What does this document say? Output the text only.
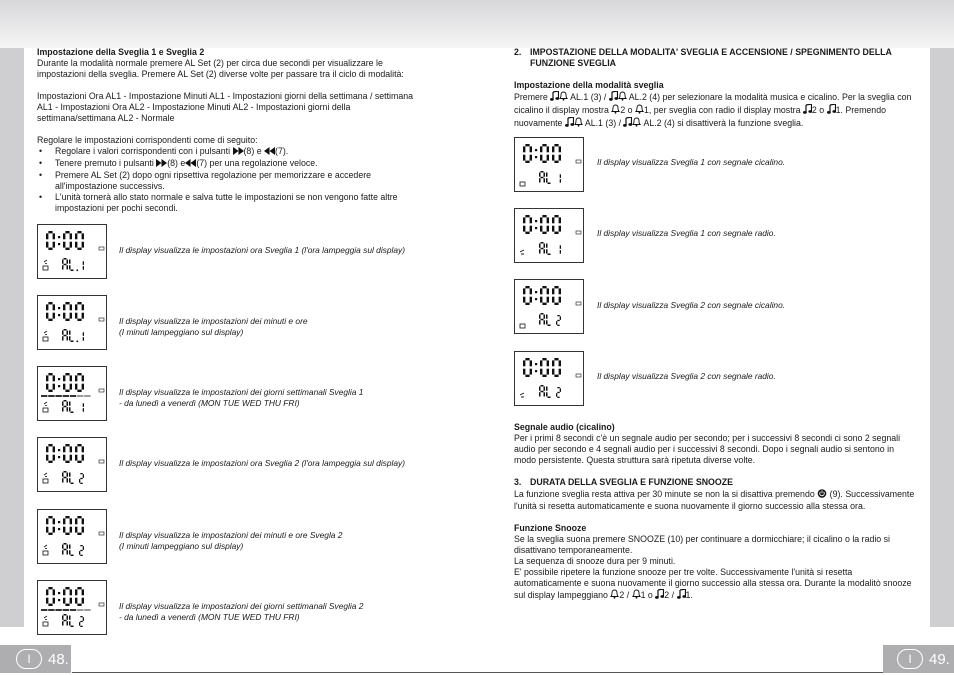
I	48.	I	49.

Impostazione della Sveglia 1 e Sveglia 2

Durante la modalità normale premere AL Set (2) per circa due secondi per visualizzare le impostazioni della sveglia. Premere AL Set (2) diverse volte per passare tra il ciclo di modalità:

Impostazioni Ora AL1 - Impostazione Minuti AL1 - Impostazioni giorni della settimana / settimana AL1 - Impostazioni Ora AL2 - Impostazione Minuti AL2 - Impostazioni giorni della settimana/settimana AL2 - Normale

Regolare le impostazioni corrispondenti come di seguito:

• Regolare i valori corrispondenti con i pulsanti (8) e (7).
• Tenere premuto i pulsanti (8) e (7) per una regolazione veloce.
• Premere AL Set (2) dopo ogni ripsettiva regolazione per memorizzare e accedere all'impostazione successivs.
• L'unità tornerà allo stato normale e salva tutte le impostazioni se non vengono fatte altre impostazioni per pochi secondi.
Il display visualizza le impostazioni ora Sveglia 1 (l'ora lampeggia sul display)
Il display visualizza le impostazioni dei minuti e ore
(I minuti lampeggiano sul display)
Il display visualizza le impostazioni dei giorni settimanali Sveglia 1
- da lunedì a venerdì (MON TUE WED THU FRI)
Il display visualizza le impostazioni ora Sveglia 2 (l'ora lampeggia sul display)
Il display visualizza le impostazioni dei minuti e ore Svegla 2
(I minuti lampeggiano sul display)
Il display visualizza le impostazioni dei giorni settimanali Sveglia 2
- da lunedì a venerdì (MON TUE WED THU FRI)
2. IMPOSTAZIONE DELLA MODALITA' SVEGLIA E ACCENSIONE / SPEGNIMENTO DELLA FUNZIONE SVEGLIA

Impostazione della modalità sveglia

Premere	AL.1 (3) /	AL.2 (4) per selezionare la modalità musica e cicalino. Per la sveglia con cicalino il display mostra 2 o 1, per sveglia con radio il display mostra 2 o 1. Premendo nuovamente	AL.1 (3) /	AL.2 (4) si disattiverà la funzione sveglia.

Il display visualizza Sveglia 1 con segnale cicalino.
Il display visualizza Sveglia 1 con segnale radio.
Il display visualizza Sveglia 2 con segnale cicalino.
Il display visualizza Sveglia 2 con segnale radio.

Segnale audio (cicalino)

Per i primi 8 secondi c'è un segnale audio per secondo; per i successivi 8 secondi ci sono 2 segnali audio per secondo e 4 segnali audio per i successivi 8 secondi. Dopo i segnali audio si sentono in modo persistente. Questa struttura sarà ripetuta diverse volte.

3. DURATA DELLA SVEGLIA E FUNZIONE SNOOZE

La funzione sveglia resta attiva per 30 minute se non la si disattiva premendo (9). Successivamente l'unità si resetta automaticamente e suona nuovamente il giorno successio alla stessa ora.

Funzione Snooze

Se la sveglia suona premere SNOOZE (10) per continuare a dormicchiare; il cicalino o la radio si disattivano temporaneamente.

La sequenza di snooze dura per 9 minuti.

E' possibile ripetere la funzione snooze per tre volte. Successivamente l'unità si resetta automaticamente e suona nuovamente il giorno successio alla stessa ora. Durante la modalitò snooze sul display lampeggiano 2 / 1 o 2 / 1.
